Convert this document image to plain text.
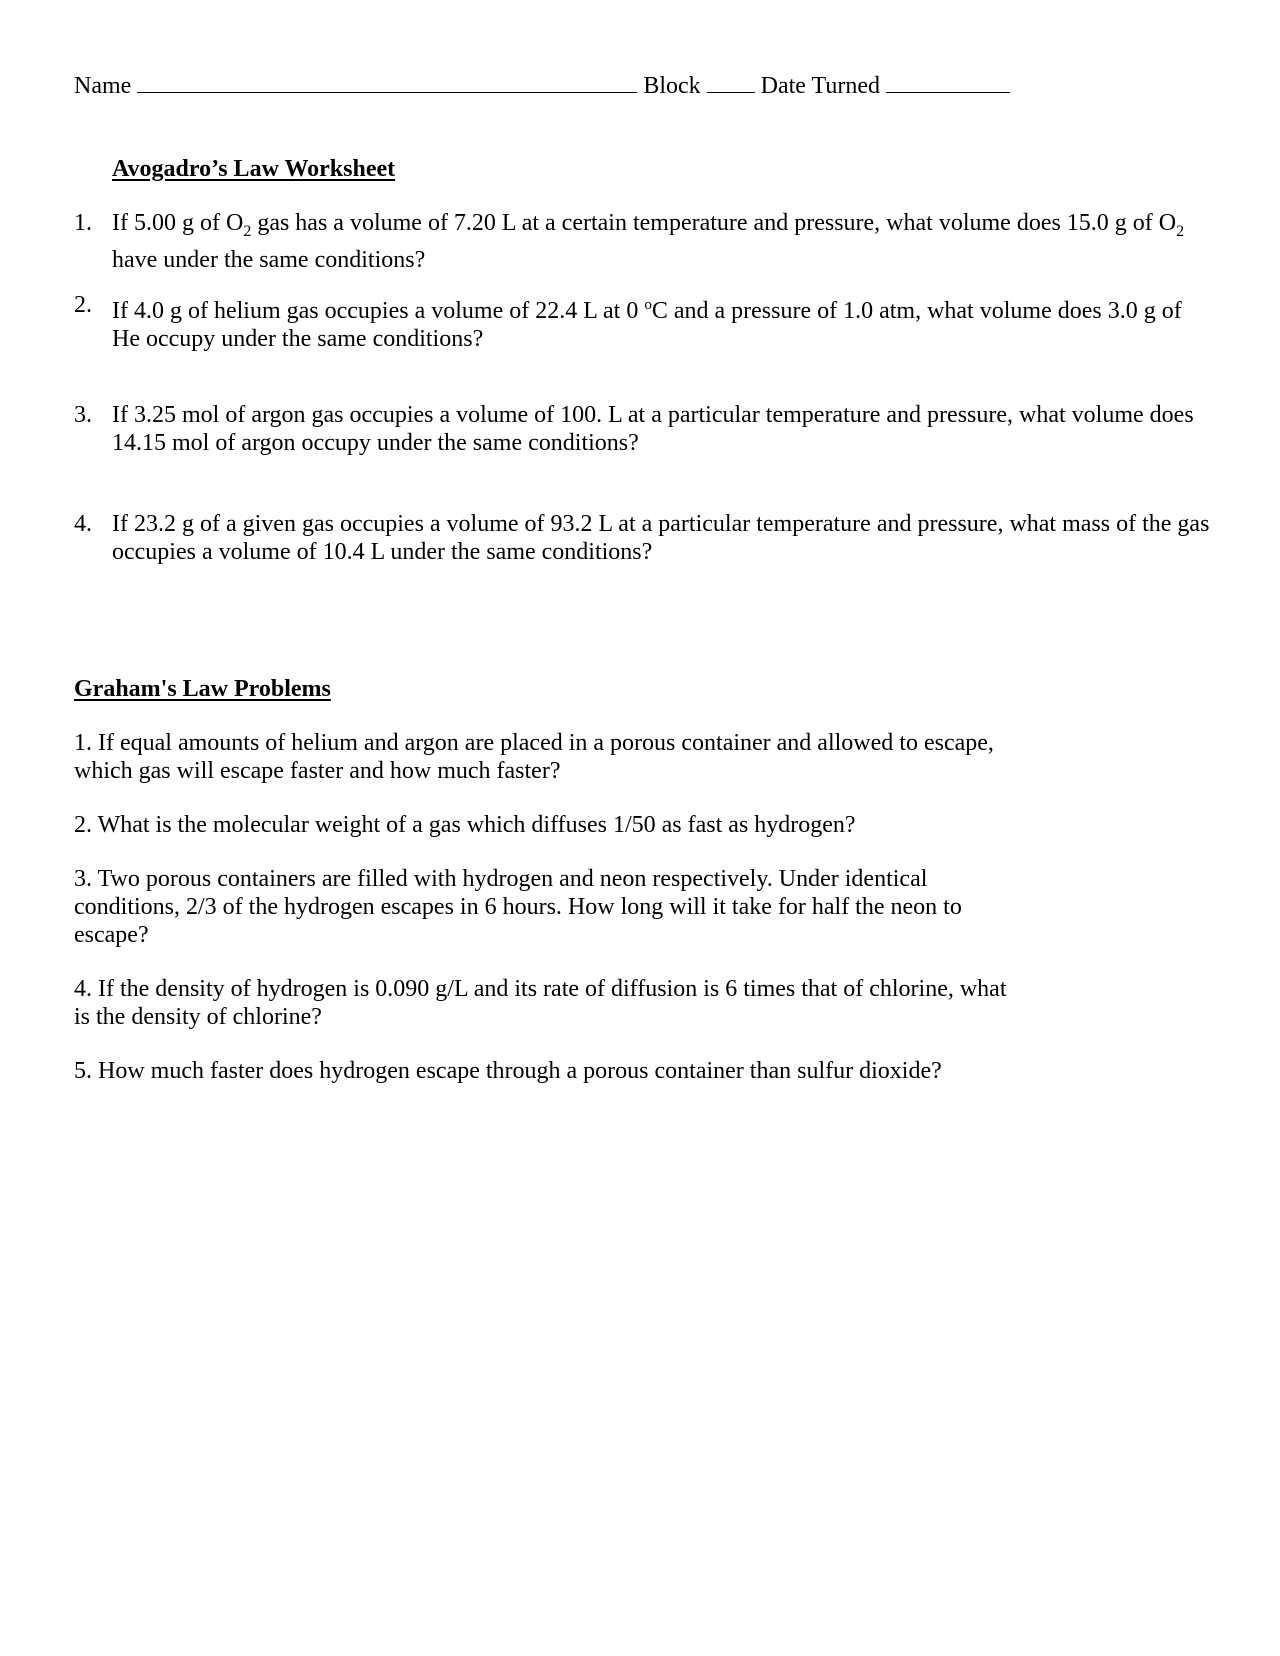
Name	Block	Date Turned
Avogadro’s Law Worksheet
1. If 5.00 g of $O_2$ gas has a volume of 7.20 L at a certain temperature and pressure, what volume does 15.0 g of $O_2$ have under the same conditions?
2. If 4.0 g of helium gas occupies a volume of 22.4 L at 0 $^o$C and a pressure of 1.0 atm, what volume does 3.0 g of He occupy under the same conditions?
3. If 3.25 mol of argon gas occupies a volume of 100. L at a particular temperature and pressure, what volume does 14.15 mol of argon occupy under the same conditions?
4. If 23.2 g of a given gas occupies a volume of 93.2 L at a particular temperature and pressure, what mass of the gas occupies a volume of 10.4 L under the same conditions?
Graham's Law Problems
1. If equal amounts of helium and argon are placed in a porous container and allowed to escape, which gas will escape faster and how much faster?
2. What is the molecular weight of a gas which diffuses 1/50 as fast as hydrogen?
3. Two porous containers are filled with hydrogen and neon respectively. Under identical conditions, 2/3 of the hydrogen escapes in 6 hours. How long will it take for half the neon to escape?
4. If the density of hydrogen is 0.090 g/L and its rate of diffusion is 6 times that of chlorine, what is the density of chlorine?
5. How much faster does hydrogen escape through a porous container than sulfur dioxide?
